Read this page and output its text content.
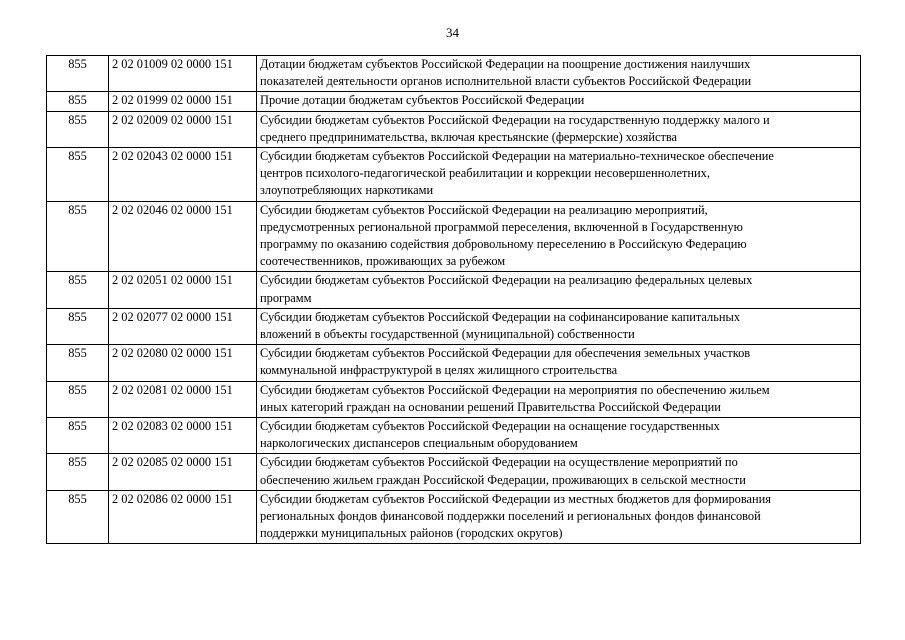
34
855	2 02 01009 02 0000 151	Дотации бюджетам субъектов Российской Федерации на поощрение достижения наилучших
показателей деятельности органов исполнительной власти субъектов Российской Федерации

855	2 02 01999 02 0000 151	Прочие дотации бюджетам субъектов Российской Федерации

855	2 02 02009 02 0000 151	Субсидии бюджетам субъектов Российской Федерации на государственную поддержку малого и
среднего предпринимательства, включая крестьянские (фермерские) хозяйства

855	2 02 02043 02 0000 151	Субсидии бюджетам субъектов Российской Федерации на материально-техническое обеспечение
центров психолого-педагогической реабилитации и коррекции несовершеннолетних,
злоупотребляющих наркотиками

855	2 02 02046 02 0000 151	Субсидии бюджетам субъектов Российской Федерации на реализацию мероприятий,
предусмотренных региональной программой переселения, включенной в Государственную
программу по оказанию содействия добровольному переселению в Российскую Федерацию
соотечественников, проживающих за рубежом

855	2 02 02051 02 0000 151	Субсидии бюджетам субъектов Российской Федерации на реализацию федеральных целевых
программ

855	2 02 02077 02 0000 151	Субсидии бюджетам субъектов Российской Федерации на софинансирование капитальных
вложений в объекты государственной (муниципальной) собственности

855	2 02 02080 02 0000 151	Субсидии бюджетам субъектов Российской Федерации для обеспечения земельных участков
коммунальной инфраструктурой в целях жилищного строительства

855	2 02 02081 02 0000 151	Субсидии бюджетам субъектов Российской Федерации на мероприятия по обеспечению жильем
иных категорий граждан на основании решений Правительства Российской Федерации

855	2 02 02083 02 0000 151	Субсидии бюджетам субъектов Российской Федерации на оснащение государственных
наркологических диспансеров специальным оборудованием

855	2 02 02085 02 0000 151	Субсидии бюджетам субъектов Российской Федерации на осуществление мероприятий по
обеспечению жильем граждан Российской Федерации, проживающих в сельской местности

855	2 02 02086 02 0000 151	Субсидии бюджетам субъектов Российской Федерации из местных бюджетов для формирования
региональных фондов финансовой поддержки поселений и региональных фондов финансовой
поддержки муниципальных районов (городских округов)
